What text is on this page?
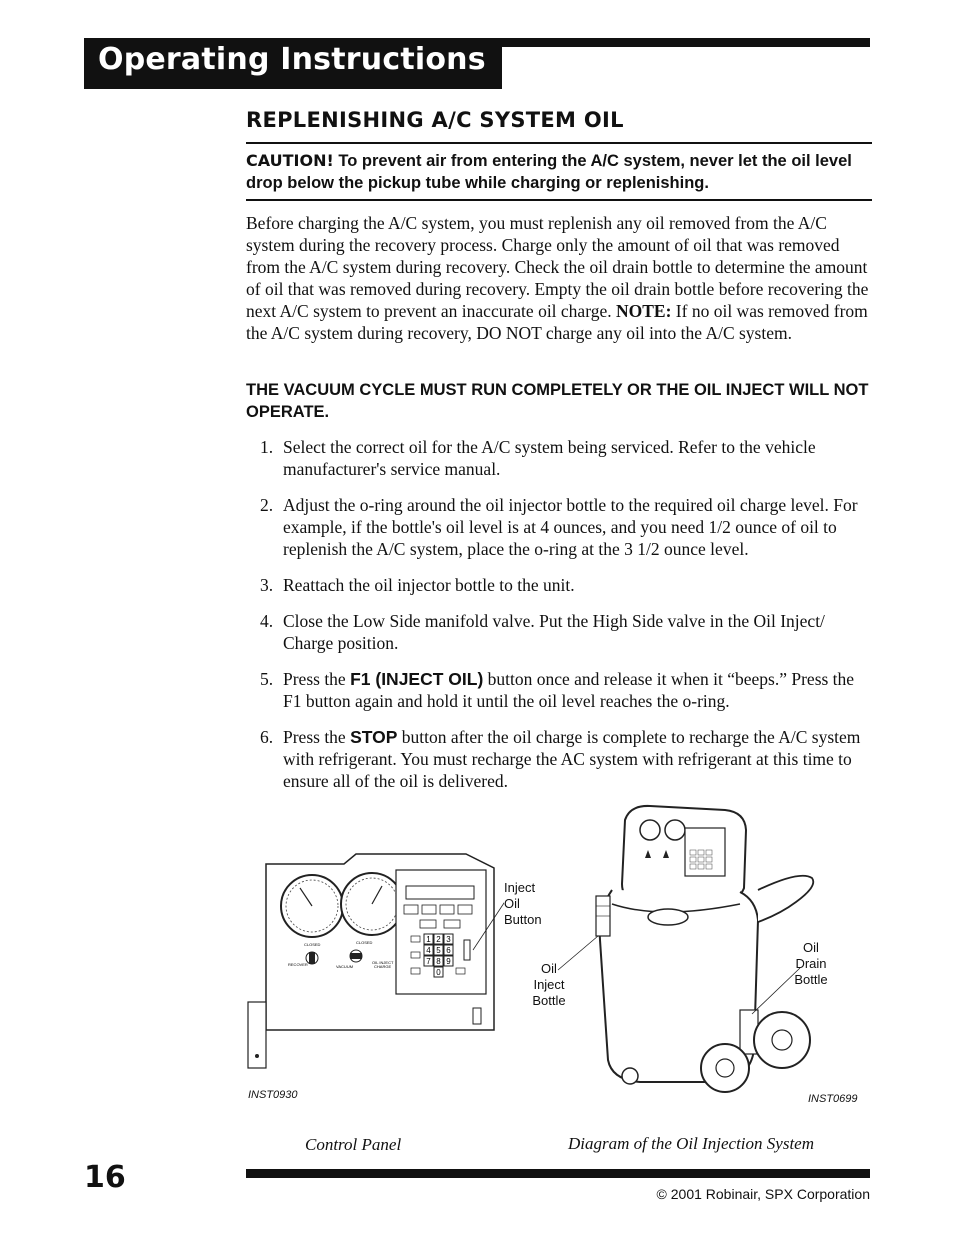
Operating Instructions
REPLENISHING A/C SYSTEM OIL
CAUTION! To prevent air from entering the A/C system, never let the oil level drop below the pickup tube while charging or replenishing.
Before charging the A/C system, you must replenish any oil removed from the A/C system during the recovery process. Charge only the amount of oil that was removed from the A/C system during recovery. Check the oil drain bottle to determine the amount of oil that was removed during recovery. Empty the oil drain bottle before recovering the next A/C system to prevent an inaccurate oil charge. NOTE: If no oil was removed from the A/C system during recovery, DO NOT charge any oil into the A/C system.
THE VACUUM CYCLE MUST RUN COMPLETELY OR THE OIL INJECT WILL NOT OPERATE.
1. Select the correct oil for the A/C system being serviced. Refer to the vehicle manufacturer's service manual.
2. Adjust the o-ring around the oil injector bottle to the required oil charge level. For example, if the bottle's oil level is at 4 ounces, and you need 1/2 ounce of oil to replenish the A/C system, place the o-ring at the 3 1/2 ounce level.
3. Reattach the oil injector bottle to the unit.
4. Close the Low Side manifold valve. Put the High Side valve in the Oil Inject/ Charge position.
5. Press the F1 (INJECT OIL) button once and release it when it “beeps.” Press the F1 button again and hold it until the oil level reaches the o-ring.
6. Press the STOP button after the oil charge is complete to recharge the A/C system with refrigerant. You must recharge the AC system with refrigerant at this time to ensure all of the oil is delivered.
CLOSED	CLOSED
RECOVER	VACUUM
OIL INJECT
CHARGE
1 2 3
4 5 6
7 8 9
0
Inject
Oil
Button
Oil
Inject
Bottle
Oil
Drain
Bottle
INST0930	INST0699
Control Panel	Diagram of the Oil Injection System
16	© 2001 Robinair, SPX Corporation
